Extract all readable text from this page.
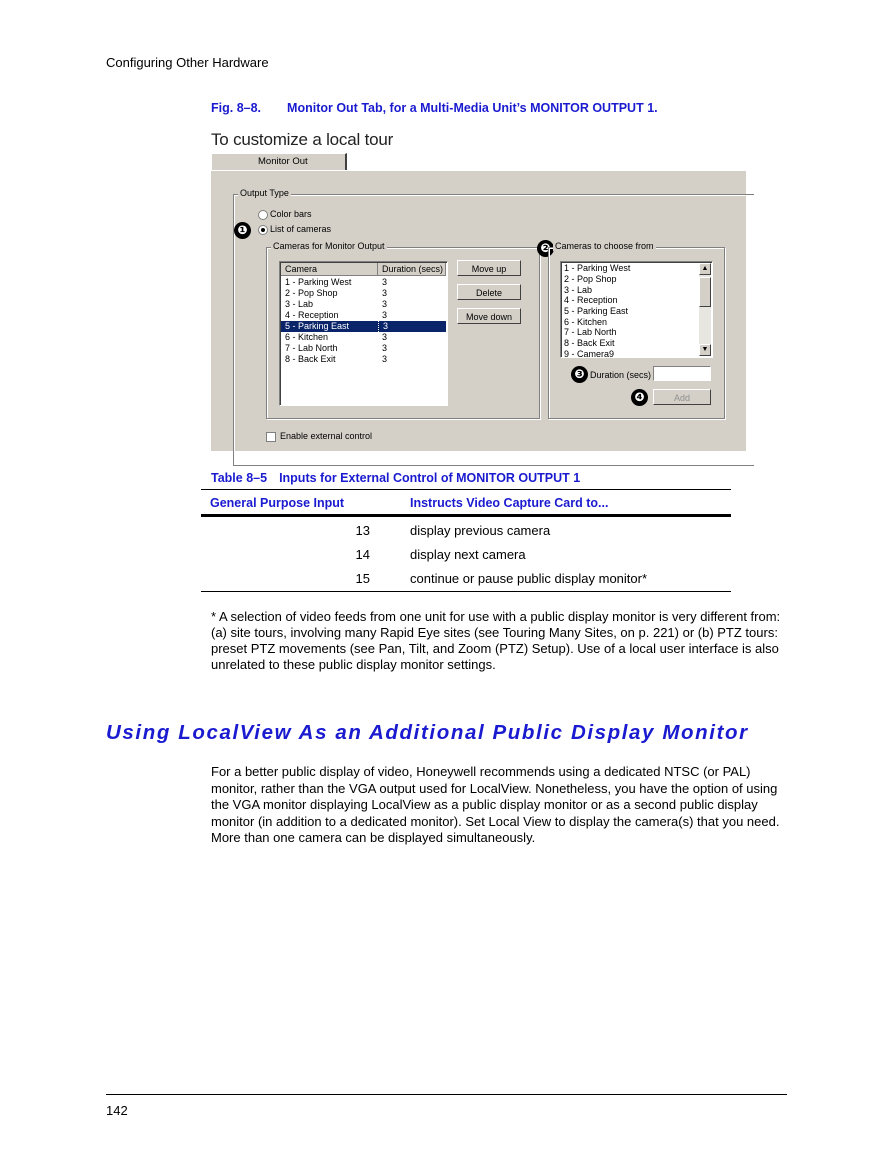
Configuring Other Hardware
Fig. 8–8. Monitor Out Tab, for a Multi-Media Unit’s MONITOR OUTPUT 1.
To customize a local tour
Monitor Out
Output Type
Color bars
❶	List of cameras
Cameras for Monitor Output
Camera	Duration (secs)
1 - Parking West	3
2 - Pop Shop	3
3 - Lab	3
4 - Reception	3
5 - Parking East	3
6 - Kitchen	3
7 - Lab North	3
8 - Back Exit	3
Move up
Delete
Move down
❷ Cameras to choose from
1 - Parking West
2 - Pop Shop
3 - Lab
4 - Reception
5 - Parking East
6 - Kitchen
7 - Lab North
8 - Back Exit
9 - Camera9
▲
▼
❸ Duration (secs)
❹	Add
Enable external control
Table 8–5 Inputs for External Control of MONITOR OUTPUT 1
General Purpose Input	Instructs Video Capture Card to...
13	display previous camera
14	display next camera
15	continue or pause public display monitor*
* A selection of video feeds from one unit for use with a public display monitor is very different from: (a) site tours, involving many Rapid Eye sites (see Touring Many Sites, on p. 221) or (b) PTZ tours: preset PTZ movements (see Pan, Tilt, and Zoom (PTZ) Setup). Use of a local user interface is also unrelated to these public display monitor settings.
Using LocalView As an Additional Public Display Monitor
For a better public display of video, Honeywell recommends using a dedicated NTSC (or PAL) monitor, rather than the VGA output used for LocalView. Nonetheless, you have the option of using the VGA monitor displaying LocalView as a public display monitor or as a second public display monitor (in addition to a dedicated monitor). Set Local View to display the camera(s) that you need. More than one camera can be displayed simultaneously.
142
